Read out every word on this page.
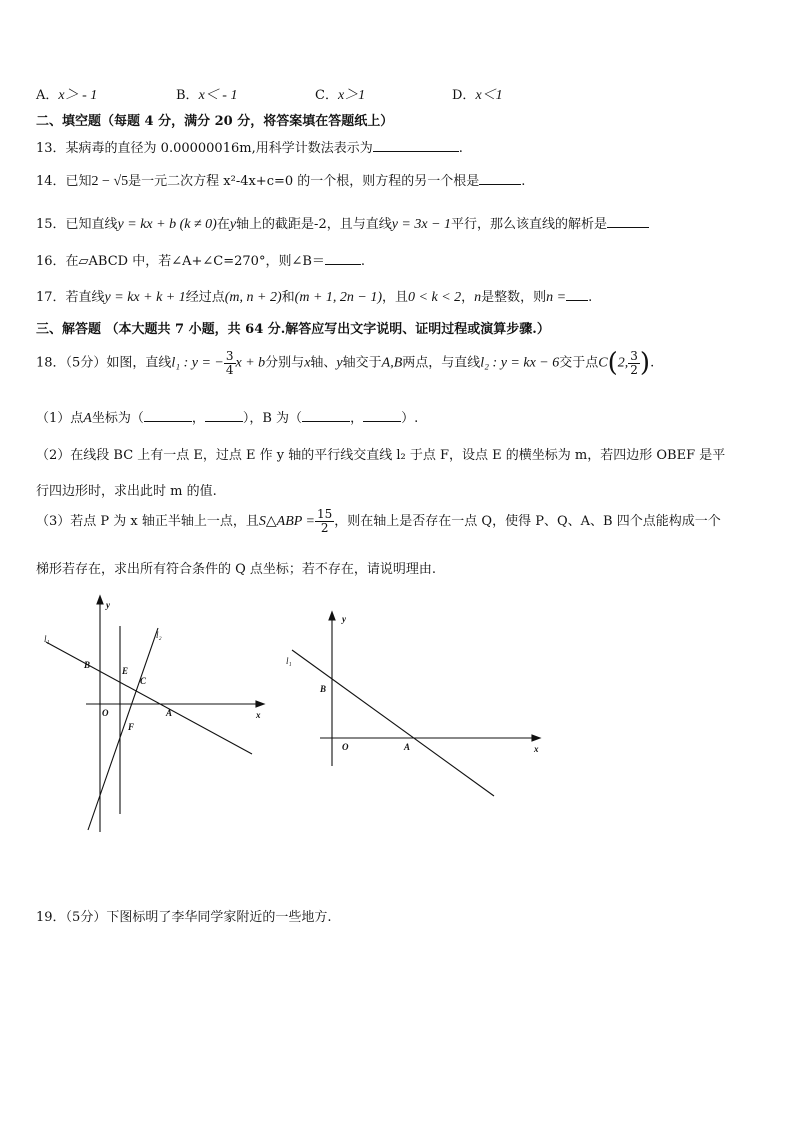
A．x＞ - 1	B．x＜ - 1	C．x＞1	D．x＜1
二、填空题（每题 4 分，满分 20 分，将答案填在答题纸上）
13．某病毒的直径为 0.00000016m,用科学计数法表示为	.
14．已知2 − √5是一元二次方程 x²-4x+c=0 的一个根，则方程的另一个根是	.
15．已知直线y = kx + b (k ≠ 0)在y轴上的截距是-2，且与直线y = 3x − 1平行，那么该直线的解析是
16．在▱ABCD 中，若∠A+∠C=270°，则∠B＝	.
17．若直线y = kx + k + 1经过点(m, n + 2)和(m + 1, 2n − 1)，且0 < k < 2，n是整数，则n = .
三、解答题 （本大题共 7 小题，共 64 分.解答应写出文字说明、证明过程或演算步骤.）
18．（5分）如图，直线l₁ : y = − $\frac{3}{4}$ x + b分别与x轴、y轴交于A,B两点，与直线l₂ : y = kx − 6交于点C(2, $\frac{3}{2}$ ).
（1）点A坐标为（	，	），B 为（	，	）.
（2）在线段 BC 上有一点 E，过点 E 作 y 轴的平行线交直线 l₂ 于点 F，设点 E 的横坐标为 m，若四边形 OBEF 是平
行四边形时，求出此时 m 的值.
（3）若点 P 为 x 轴正半轴上一点，且S△ABP = $\frac{15}{2}$ ，则在轴上是否存在一点 Q，使得 P、Q、A、B 四个点能构成一个
梯形若存在，求出所有符合条件的 Q 点坐标；若不存在，请说明理由.
y
x
l₁	l₂
B
E
C
O	A
F
y
x
l₁
B
O	A
19．（5分）下图标明了李华同学家附近的一些地方.
